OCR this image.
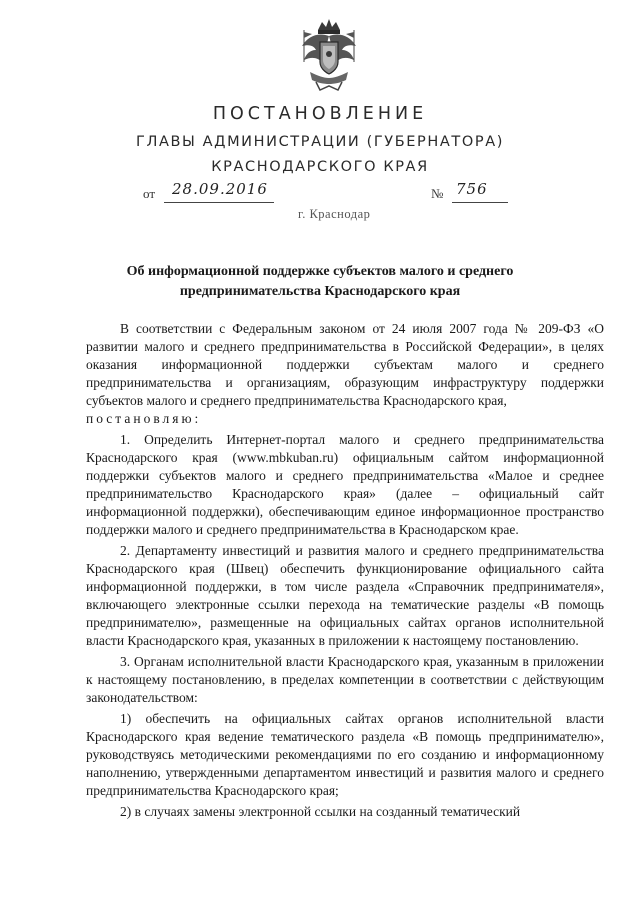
ПОСТАНОВЛЕНИЕ
ГЛАВЫ АДМИНИСТРАЦИИ (ГУБЕРНАТОРА)
КРАСНОДАРСКОГО КРАЯ
от 28.09.2016	№ 756
г. Краснодар
Об информационной поддержке субъектов малого и среднего
предпринимательства Краснодарского края

В соответствии с Федеральным законом от 24 июля 2007 года № 209-ФЗ «О развитии малого и среднего предпринимательства в Российской Федерации», в целях оказания информационной поддержки субъектам малого и среднего предпринимательства и организациям, образующим инфраструктуру поддержки субъектов малого и среднего предпринимательства Краснодарского края,
постановляю:

1. Определить Интернет-портал малого и среднего предпринимательства Краснодарского края (www.mbkuban.ru) официальным сайтом информационной поддержки субъектов малого и среднего предпринимательства «Малое и среднее предпринимательство Краснодарского края» (далее – официальный сайт информационной поддержки), обеспечивающим единое информационное пространство поддержки малого и среднего предпринимательства в Краснодарском крае.

2. Департаменту инвестиций и развития малого и среднего предпринимательства Краснодарского края (Швец) обеспечить функционирование официального сайта информационной поддержки, в том числе раздела «Справочник предпринимателя», включающего электронные ссылки перехода на тематические разделы «В помощь предпринимателю», размещенные на официальных сайтах органов исполнительной власти Краснодарского края, указанных в приложении к настоящему постановлению.

3. Органам исполнительной власти Краснодарского края, указанным в приложении к настоящему постановлению, в пределах компетенции в соответствии с действующим законодательством:

1) обеспечить на официальных сайтах органов исполнительной власти Краснодарского края ведение тематического раздела «В помощь предпринимателю», руководствуясь методическими рекомендациями по его созданию и информационному наполнению, утвержденными департаментом инвестиций и развития малого и среднего предпринимательства Краснодарского края;

2) в случаях замены электронной ссылки на созданный тематический
